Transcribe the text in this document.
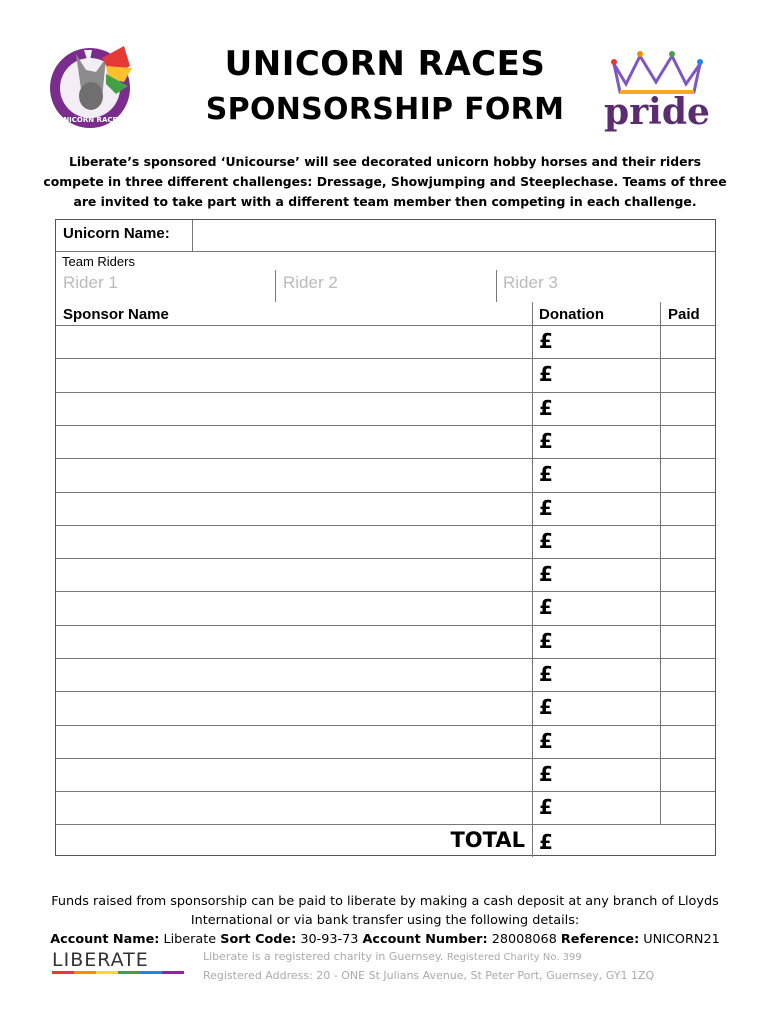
UNICORN RACES
UNICORN RACES
SPONSORSHIP FORM	pride
Liberate’s sponsored ‘Unicourse’ will see decorated unicorn hobby horses and their riders compete in three different challenges: Dressage, Showjumping and Steeplechase. Teams of three are invited to take part with a different team member then competing in each challenge.
Unicorn Name:
Team Riders
Rider 1	Rider 2	Rider 3
Sponsor Name	Donation	Paid
£
£
£
£
£
£
£
£
£
£
£
£
£
£
£
TOTAL £
Funds raised from sponsorship can be paid to liberate by making a cash deposit at any branch of Lloyds International or via bank transfer using the following details:
Account Name: Liberate Sort Code: 30-93-73 Account Number: 28008068 Reference: UNICORN21
LIBERATE	Liberate is a registered charity in Guernsey. Registered Charity No. 399
Registered Address: 20 - ONE St Julians Avenue, St Peter Port, Guernsey, GY1 1ZQ
